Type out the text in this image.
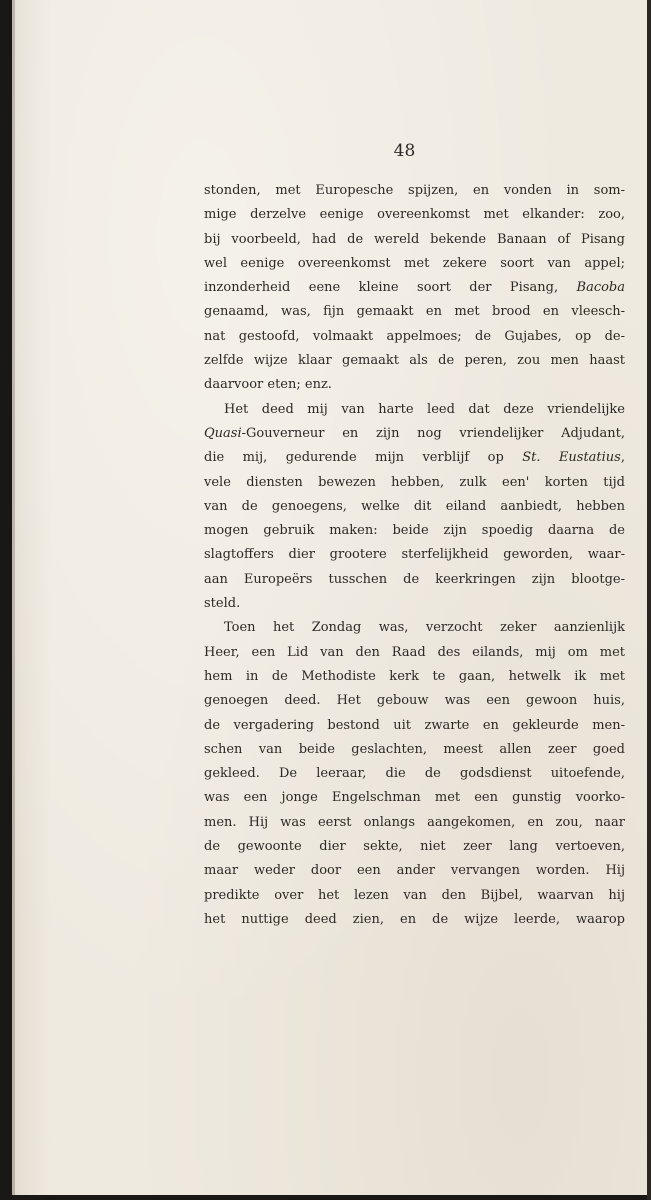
48
stonden, met Europesche spijzen, en vonden in som-
mige derzelve eenige overeenkomst met elkander: zoo,
bij voorbeeld, had de wereld bekende Banaan of Pisang
wel eenige overeenkomst met zekere soort van appel;
inzonderheid eene kleine soort der Pisang, Bacoba
genaamd, was, fijn gemaakt en met brood en vleesch-
nat gestoofd, volmaakt appelmoes; de Gujabes, op de-
zelfde wijze klaar gemaakt als de peren, zou men haast
daarvoor eten; enz.
Het deed mij van harte leed dat deze vriendelijke
Quasi-Gouverneur en zijn nog vriendelijker Adjudant,
die mij, gedurende mijn verblijf op St. Eustatius,
vele diensten bewezen hebben, zulk een' korten tijd
van de genoegens, welke dit eiland aanbiedt, hebben
mogen gebruik maken: beide zijn spoedig daarna de
slagtoffers dier grootere sterfelijkheid geworden, waar-
aan Europeërs tusschen de keerkringen zijn blootge-
steld.
Toen het Zondag was, verzocht zeker aanzienlijk
Heer, een Lid van den Raad des eilands, mij om met
hem in de Methodiste kerk te gaan, hetwelk ik met
genoegen deed. Het gebouw was een gewoon huis,
de vergadering bestond uit zwarte en gekleurde men-
schen van beide geslachten, meest allen zeer goed
gekleed. De leeraar, die de godsdienst uitoefende,
was een jonge Engelschman met een gunstig voorko-
men. Hij was eerst onlangs aangekomen, en zou, naar
de gewoonte dier sekte, niet zeer lang vertoeven,
maar weder door een ander vervangen worden. Hij
predikte over het lezen van den Bijbel, waarvan hij
het nuttige deed zien, en de wijze leerde, waarop
